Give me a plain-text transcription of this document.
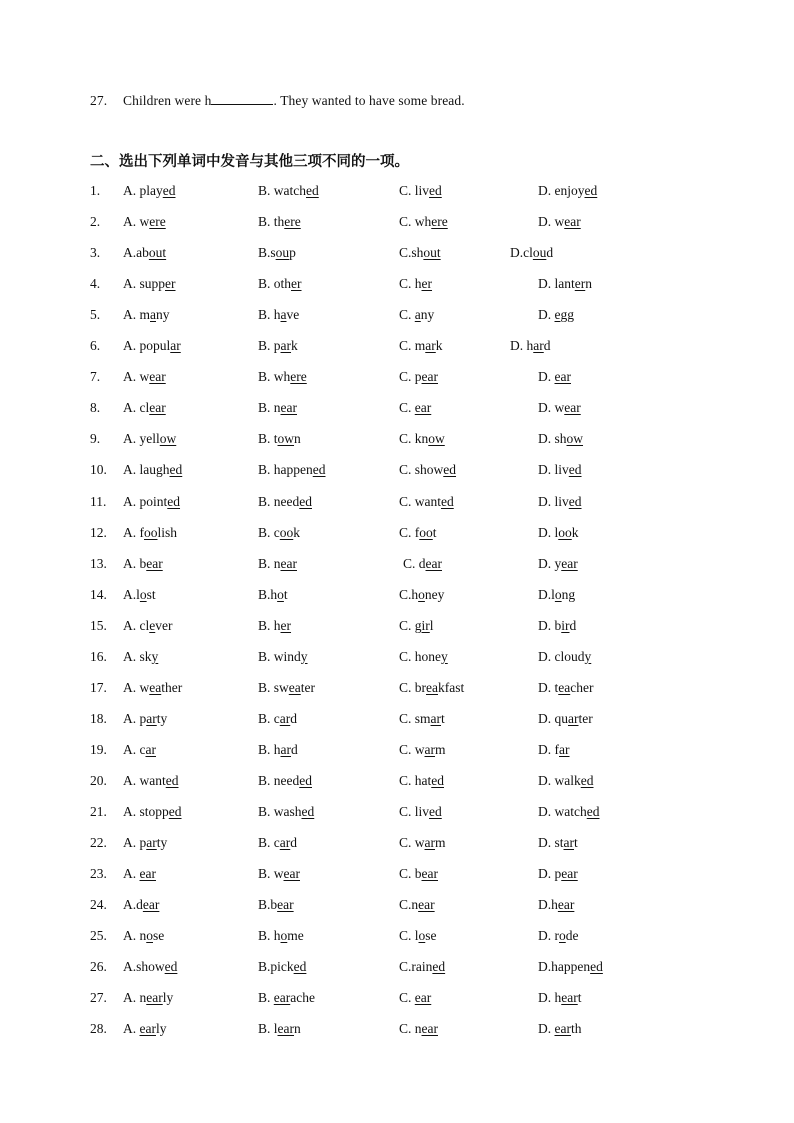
27. Children were h	. They wanted to have some bread.
二、选出下列单词中发音与其他三项不同的一项。
1. A. played	B. watched	C. lived	D. enjoyed
2. A. were	B. there	C. where	D. wear
3. A.about	B.soup	C.shout	D.cloud
4. A. supper	B. other	C. her	D. lantern
5. A. many	B. have	C. any	D. egg
6. A. popular	B. park	C. mark	D. hard
7. A. wear	B. where	C. pear	D. ear
8. A. clear	B. near	C. ear	D. wear
9. A. yellow	B. town	C. know	D. show
10. A. laughed	B. happened	C. showed	D. lived
11. A. pointed	B. needed	C. wanted	D. lived
12. A. foolish	B. cook	C. foot	D. look
13. A. bear	B. near	C. dear	D. year
14. A.lost	B.hot	C.honey	D.long
15. A. clever	B. her	C. girl	D. bird
16. A. sky	B. windy	C. honey	D. cloudy
17. A. weather	B. sweater	C. breakfast	D. teacher
18. A. party	B. card	C. smart	D. quarter
19. A. car	B. hard	C. warm	D. far
20. A. wanted	B. needed	C. hated	D. walked
21. A. stopped	B. washed	C. lived	D. watched
22. A. party	B. card	C. warm	D. start
23. A. ear	B. wear	C. bear	D. pear
24. A.dear	B.bear	C.near	D.hear
25. A. nose	B. home	C. lose	D. rode
26. A.showed	B.picked	C.rained	D.happened
27. A. nearly	B. earache	C. ear	D. heart
28. A. early	B. learn	C. near	D. earth
